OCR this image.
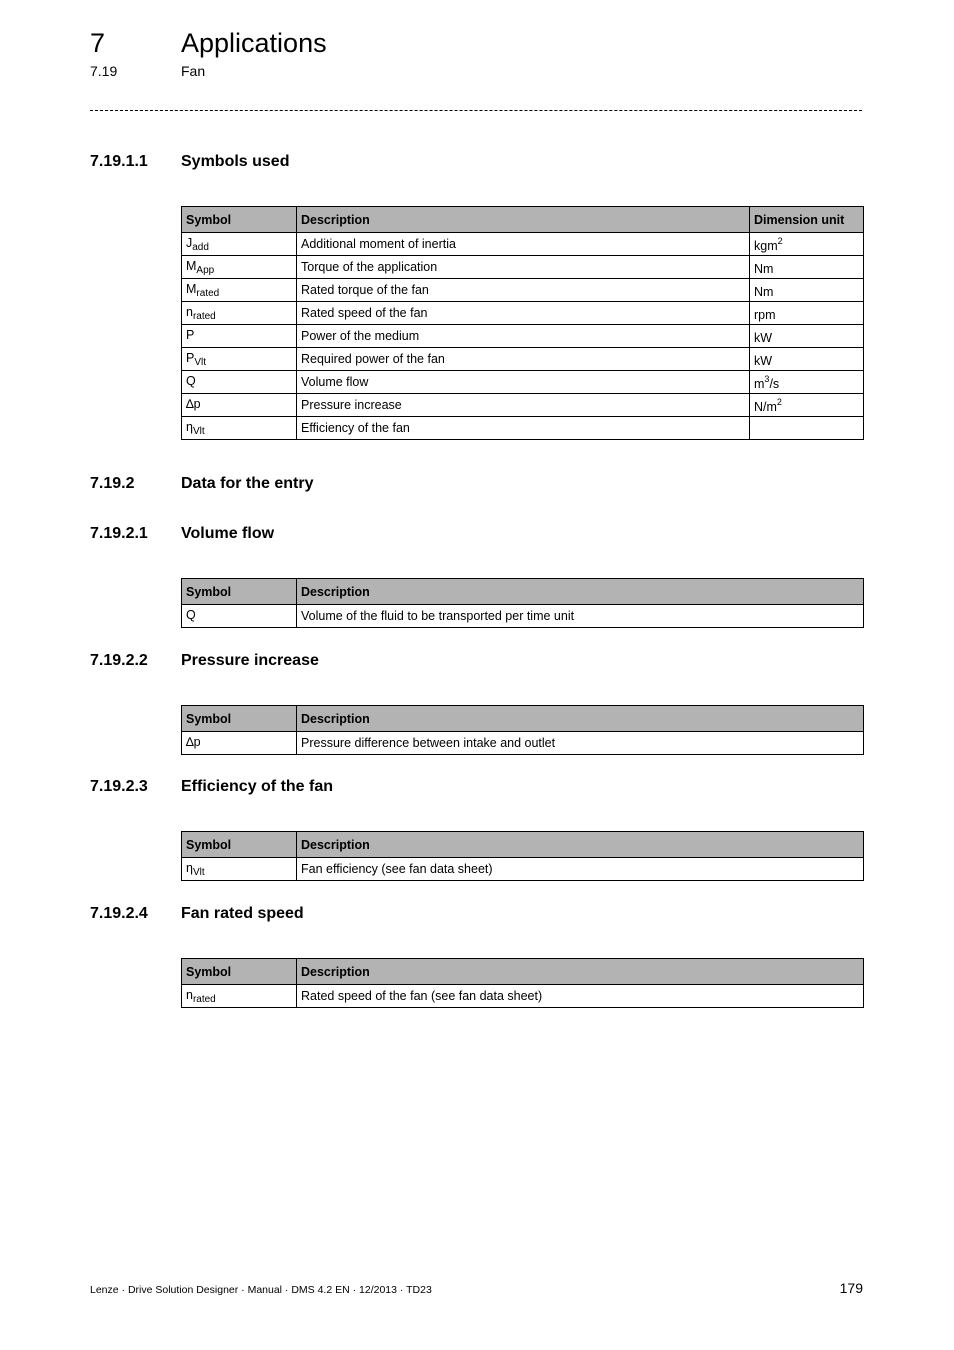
7	Applications
7.19	Fan
7.19.1.1 Symbols used
Symbol	Description	Dimension unit
$J_{add}$	Additional moment of inertia	kgm$^2$
$M_{App}$	Torque of the application	Nm
$M_{rated}$	Rated torque of the fan	Nm
$n_{rated}$	Rated speed of the fan	rpm
P	Power of the medium	kW
$P_{Vlt}$	Required power of the fan	kW
Q	Volume flow	$m^3/s$
∆p	Pressure increase	$N/m^2$
$\eta_{Vlt}$	Efficiency of the fan	
7.19.2	Data for the entry
7.19.2.1 Volume flow
Symbol	Description
Q	Volume of the fluid to be transported per time unit
7.19.2.2 Pressure increase
Symbol	Description
∆p	Pressure difference between intake and outlet
7.19.2.3 Efficiency of the fan
Symbol	Description
$\eta_{Vlt}$	Fan efficiency (see fan data sheet)
7.19.2.4 Fan rated speed
Symbol	Description
$n_{rated}$	Rated speed of the fan (see fan data sheet)
Lenze · Drive Solution Designer · Manual · DMS 4.2 EN · 12/2013 · TD23	179
